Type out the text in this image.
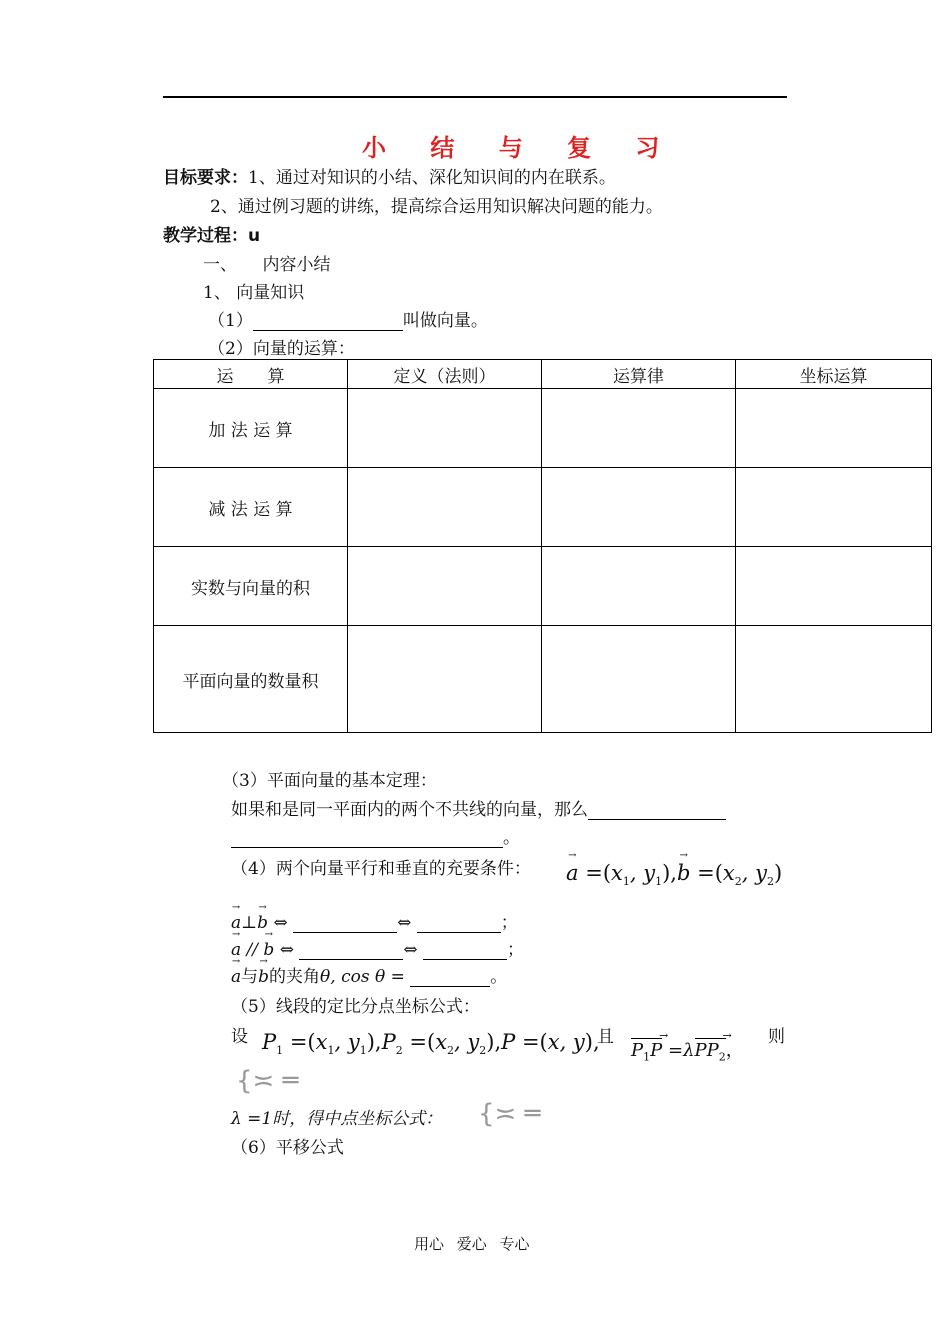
小 结 与 复 习
目标要求：1、通过对知识的小结、深化知识间的内在联系。
2、通过例习题的讲练，提高综合运用知识解决问题的能力。
教学过程：u
一、　　内容小结
1、 向量知识
（1）	叫做向量。
（2）向量的运算：
运　　算	定义（法则）	运算律	坐标运算
加 法 运 算			
减 法 运 算			
实数与向量的积			
平面向量的数量积			
（3）平面向量的基本定理：
如果和是同一平面内的两个不共线的向量，那么
。
（4）两个向量平行和垂直的充要条件： → $a =(x_1$, $y_1),\to b =(x_2$, $y_2$)
→ a⊥→ b ⇔	⇔	；
→ a // → b ⇔	⇔	；
→ a与→ b的夹角θ, cos θ =	。
（5）线段的定比分点坐标公式：
设 $P_1 =(x_1$, $y_1),P_2 =(x_2$, $y_2),P =(x$, y),
且
$P_1P \to =\lambda PP_2$ →，
则
{≍ ═
λ =1时，得中点坐标公式： {≍ ═
（6）平移公式
用心 爱心 专心
